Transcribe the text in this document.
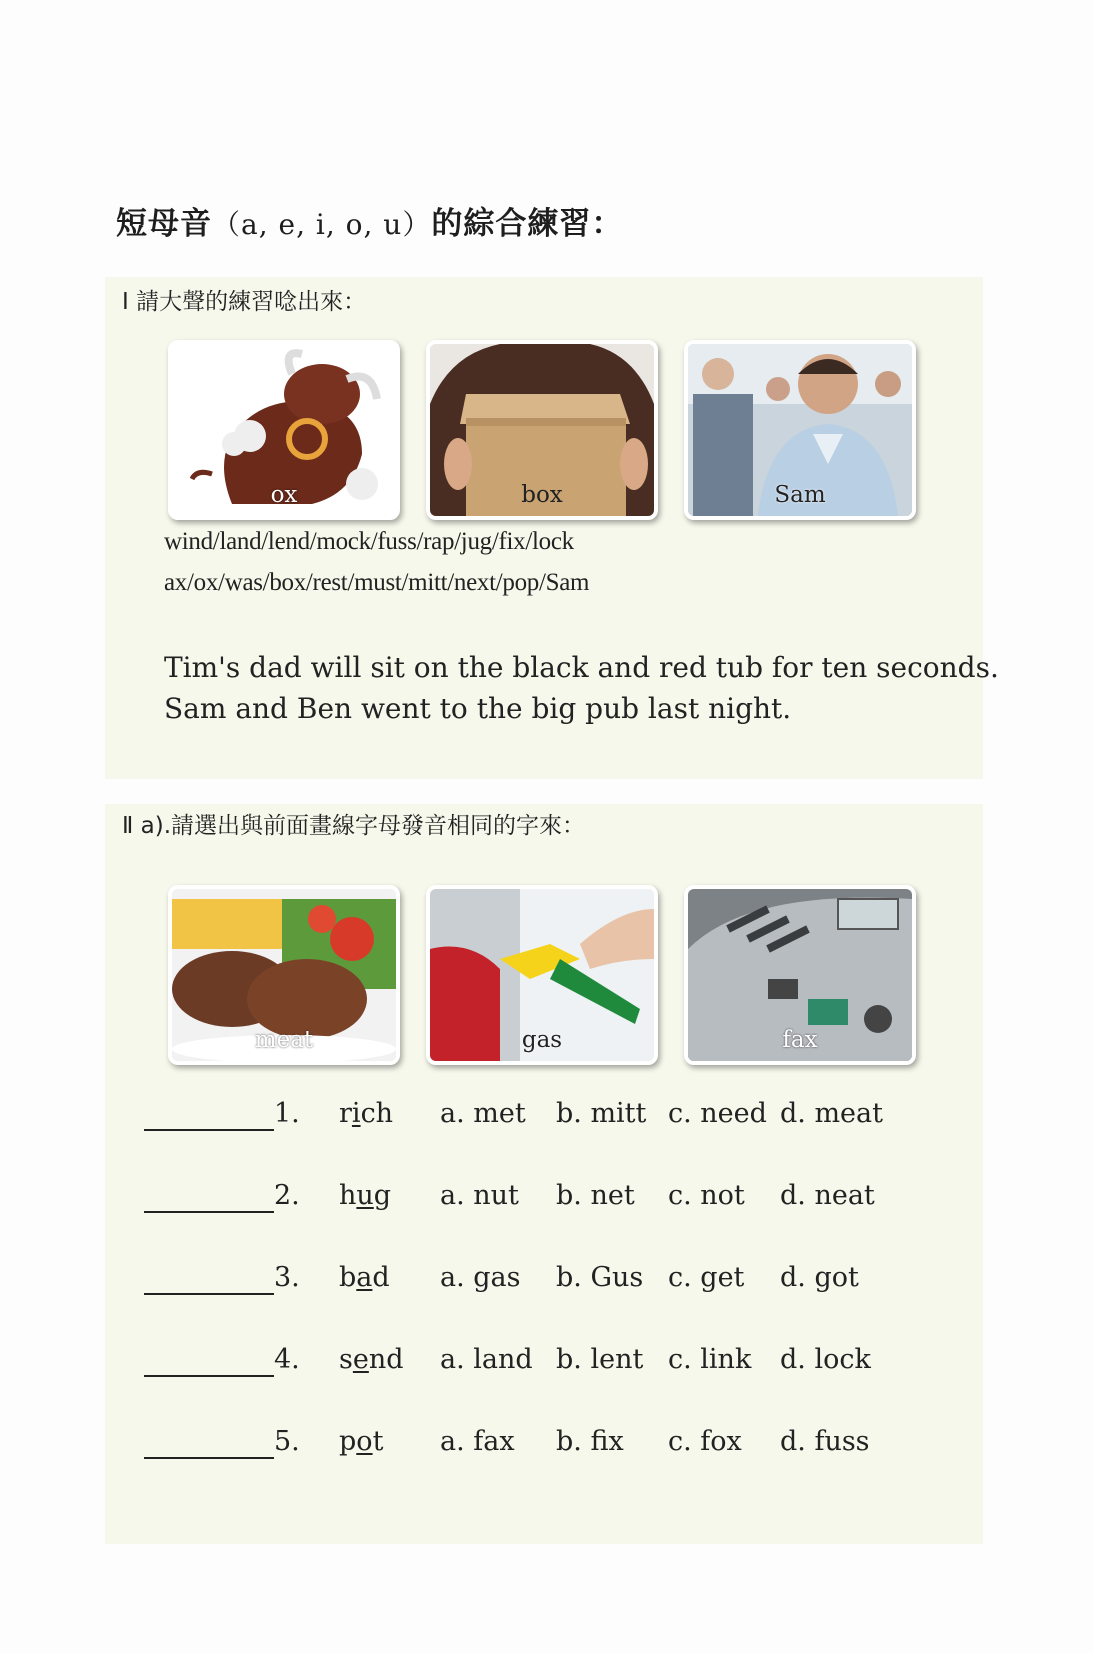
短母音（a, e, i, o, u）的綜合練習：
Ⅰ 請大聲的練習唸出來：
ox	box	Sam
wind/land/lend/mock/fuss/rap/jug/fix/lock
ax/ox/was/box/rest/must/mitt/next/pop/Sam
Tim's dad will sit on the black and red tub for ten seconds.
Sam and Ben went to the big pub last night.
Ⅱ a).請選出與前面畫線字母發音相同的字來：
meat	gas	fax
1. rich a. met b. mitt c. need d. meat
2. hug a. nut b. net c. not d. neat
3. bad a. gas b. Gus c. get d. got
4. send a. land b. lent c. link d. lock
5. pot a. fax b. fix c. fox d. fuss
